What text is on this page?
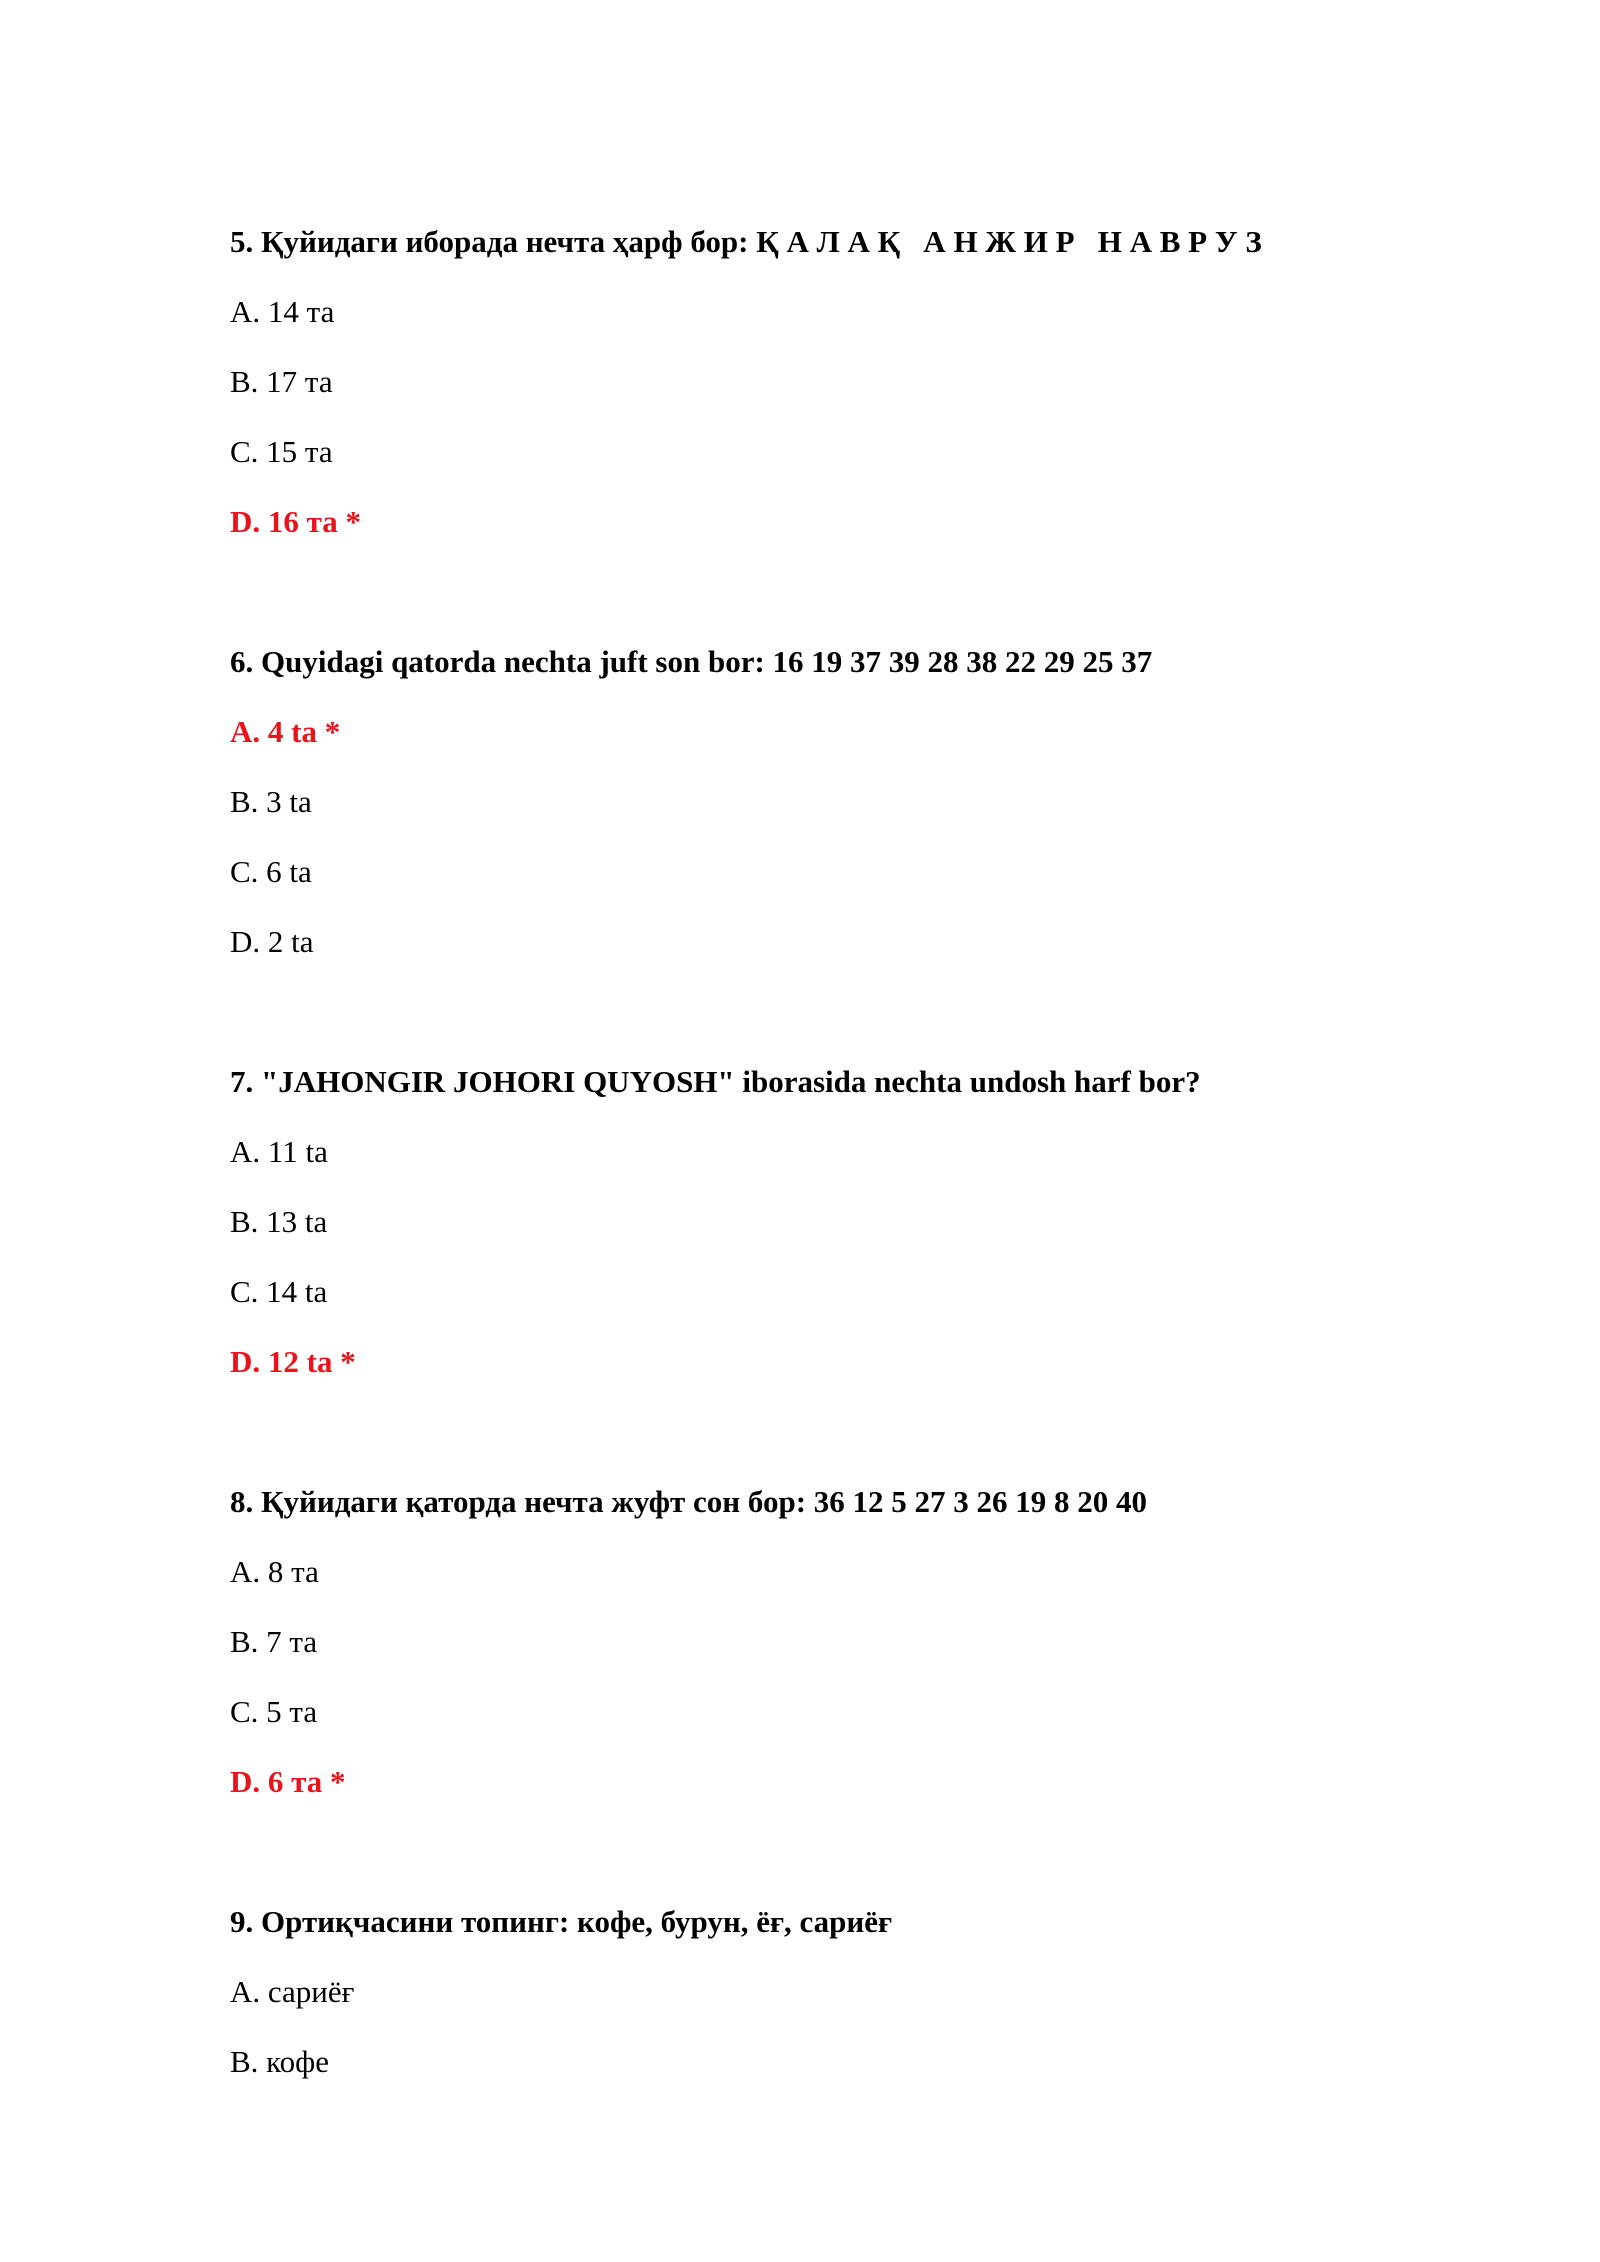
5. Қуйидаги иборада нечта ҳарф бор: Қ А Л А Қ   А Н Ж И Р   Н А В Р У З
A. 14 та
B. 17 та
C. 15 та
D. 16 та *
6. Quyidagi qatorda nechta juft son bor: 16 19 37 39 28 38 22 29 25 37
A. 4 ta *
B. 3 ta
C. 6 ta
D. 2 ta
7. "JAHONGIR JOHORI QUYOSH" iborasida nechta undosh harf bor?
A. 11 ta
B. 13 ta
C. 14 ta
D. 12 ta *
8. Қуйидаги қаторда нечта жуфт сон бор: 36 12 5 27 3 26 19 8 20 40
A. 8 та
B. 7 та
C. 5 та
D. 6 та *
9. Ортиқчасини топинг: кофе, бурун, ёғ, сариёғ
A. сариёғ
B. кофе
